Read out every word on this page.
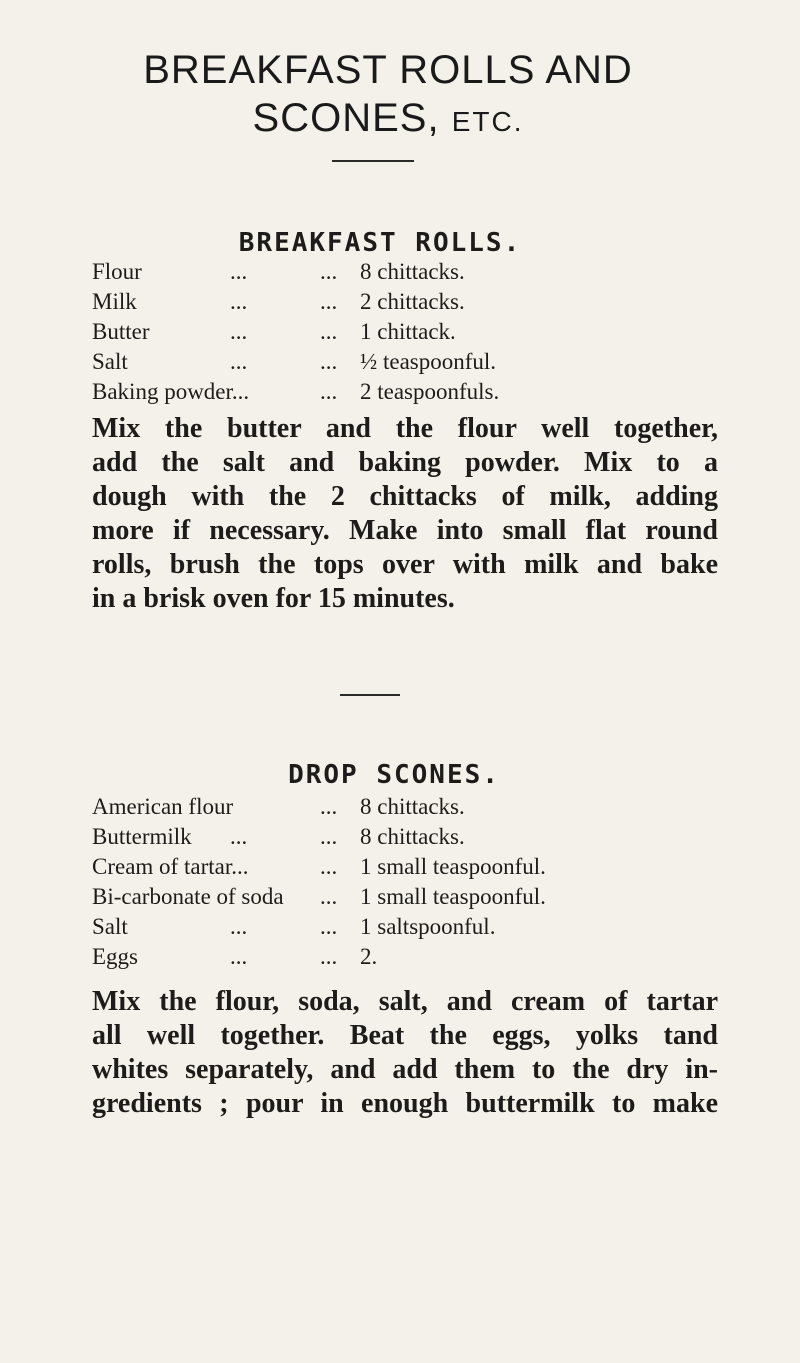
BREAKFAST ROLLS AND
SCONES, ETC.
BREAKFAST ROLLS.
Flour	...	... 8 chittacks.
Milk	...	... 2 chittacks.
Butter	...	... 1 chittack.
Salt	...	... ½ teaspoonful.
Baking powder...	... 2 teaspoonfuls.
Mix the butter and the flour well together,
add the salt and baking powder. Mix to a
dough with the 2 chittacks of milk, adding
more if necessary. Make into small flat round
rolls, brush the tops over with milk and bake
in a brisk oven for 15 minutes.
DROP SCONES.
American flour	... 8 chittacks.
Buttermilk ...	... 8 chittacks.
Cream of tartar...	... 1 small teaspoonful.
Bi-carbonate of soda ... 1 small teaspoonful.
Salt	...	... 1 saltspoonful.
Eggs	...	... 2.
Mix the flour, soda, salt, and cream of tartar
all well together. Beat the eggs, yolks tand
whites separately, and add them to the dry in-
gredients ; pour in enough buttermilk to make
